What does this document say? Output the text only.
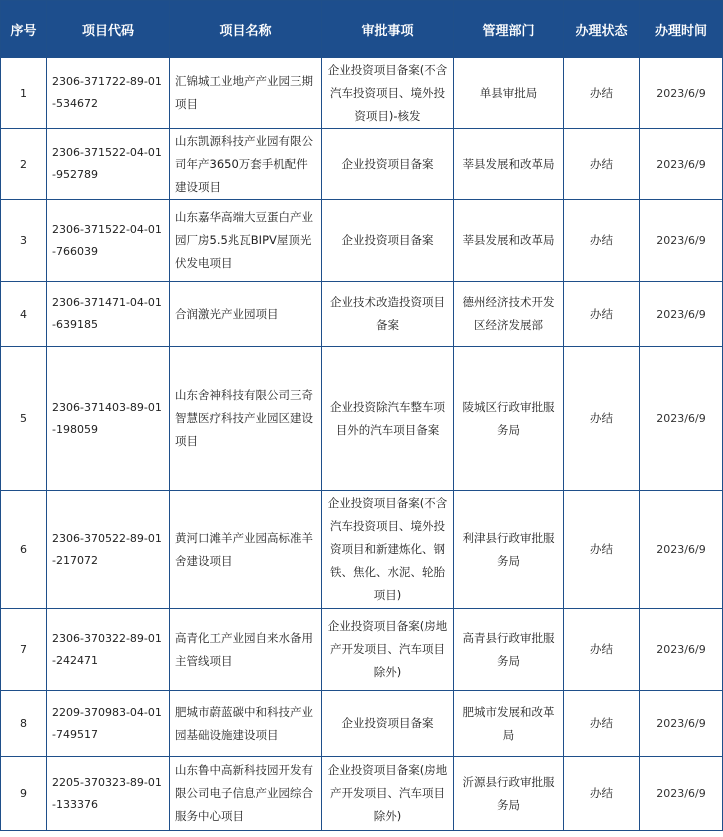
序号	项目代码	项目名称	审批事项	管理部门	办理状态	办理时间
1	2306-371722-89-01-534672	汇锦城工业地产产业园三期项目	企业投资项目备案(不含汽车投资项目、境外投资项目)-核发	单县审批局	办结	2023/6/9
2	2306-371522-04-01-952789	山东凯源科技产业园有限公司年产3650万套手机配件建设项目	企业投资项目备案	莘县发展和改革局	办结	2023/6/9
3	2306-371522-04-01-766039	山东嘉华高端大豆蛋白产业园厂房5.5兆瓦BIPV屋顶光伏发电项目	企业投资项目备案	莘县发展和改革局	办结	2023/6/9
4	2306-371471-04-01-639185	合润激光产业园项目	企业技术改造投资项目备案	德州经济技术开发区经济发展部	办结	2023/6/9
5	2306-371403-89-01-198059	山东舍神科技有限公司三奇智慧医疗科技产业园区建设项目	企业投资除汽车整车项目外的汽车项目备案	陵城区行政审批服务局	办结	2023/6/9
6	2306-370522-89-01-217072	黄河口滩羊产业园高标准羊舍建设项目	企业投资项目备案(不含汽车投资项目、境外投资项目和新建炼化、钢铁、焦化、水泥、轮胎项目)	利津县行政审批服务局	办结	2023/6/9
7	2306-370322-89-01-242471	高青化工产业园自来水备用主管线项目	企业投资项目备案(房地产开发项目、汽车项目除外)	高青县行政审批服务局	办结	2023/6/9
8	2209-370983-04-01-749517	肥城市蔚蓝碳中和科技产业园基础设施建设项目	企业投资项目备案	肥城市发展和改革局	办结	2023/6/9
9	2205-370323-89-01-133376	山东鲁中高新科技园开发有限公司电子信息产业园综合服务中心项目	企业投资项目备案(房地产开发项目、汽车项目除外)	沂源县行政审批服务局	办结	2023/6/9
